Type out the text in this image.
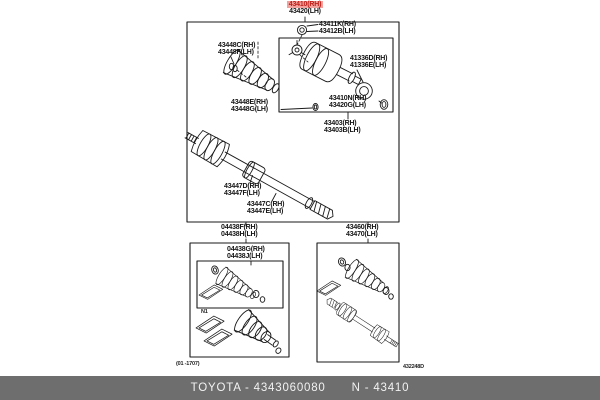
43410(RH)
43420(LH)
43411K(RH)
43412B(LH)
43448C(RH)
43448F(LH)
41336D(RH)
41336E(LH)
43448E(RH)
43448G(LH)
43410N(RH)
43420G(LH)
43403(RH)
43403B(LH)
43447D(RH)
43447F(LH)
43447C(RH)
43447E(LH)
04438F(RH)
04438H(LH)
04438G(RH)
04438J(LH)
43460(RH)
43470(LH)
N1
(01 -1707)	432248D
TOYOTA - 4343060080 N - 43410
